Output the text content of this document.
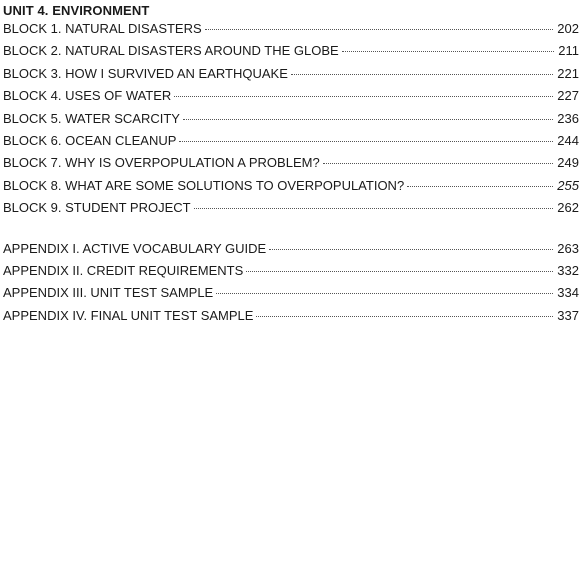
UNIT 4. ENVIRONMENT
BLOCK 1. NATURAL DISASTERS	202
BLOCK 2. NATURAL DISASTERS AROUND THE GLOBE	211
BLOCK 3. HOW I SURVIVED AN EARTHQUAKE	221
BLOCK 4. USES OF WATER	227
BLOCK 5. WATER SCARCITY	236
BLOCK 6. OCEAN CLEANUP	244
BLOCK 7. WHY IS OVERPOPULATION A PROBLEM?	249
BLOCK 8. WHAT ARE SOME SOLUTIONS TO OVERPOPULATION?	255
BLOCK 9. STUDENT PROJECT	262
APPENDIX I. ACTIVE VOCABULARY GUIDE	263
APPENDIX II. CREDIT REQUIREMENTS	332
APPENDIX III. UNIT TEST SAMPLE	334
APPENDIX IV. FINAL UNIT TEST SAMPLE	337
